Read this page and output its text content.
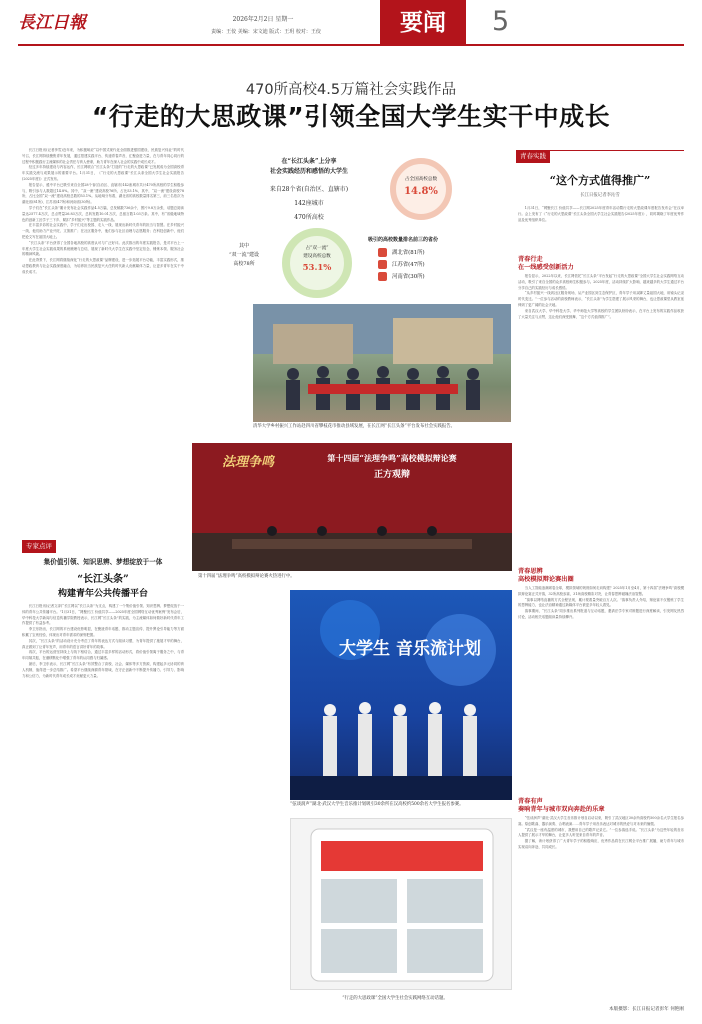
長江日報	2026年2月2日 星期一
责编：王佼 美编：宋文迪 版式：王玥 校对：王佼	要闻	5
470所高校4.5万篇社会实践作品
“行走的大思政课”引领全国大学生实干中成长

长江日报讯(记者李雪)近年来，为积极响应“以中国式现代化全面推进强国建设、民族复兴伟业”的时代号召，长江网持续聚焦青年发展，通过搭建实践平台、传递青春声音，汇聚奋进力量，在与青年同心同行的过程中积极践行主流媒体的社会责任与育人使命，助力青年在深入社会的实践中成长成才。

经过多年持续建设与内容运作，长江网联合“长江头条”打造的“行走的大思政课”已发展成为全国高校青年实践交流与成果展示的重要平台。1月31日，《“行走的大思政课”长江头条全国大学生社会实践报告(2025年度)》正式发布。

报告显示，遴中平台已吸引来自全国28个省(自治区、直辖市)142座城市共计470所高校的学生积极参与，吸引参与人数超过14.8%。其中，“双一流”建设高校76所，占比53.1%，其中，“双一流”建设高校78所，占比全国“双一流”建设高校总数的53.1%。从地域分布看，湖北省的高校数量排名第三，前三名依次为湖北省(81所)、江苏省(47所)和河南省(30所)。

学子们在“长江头条”累计发布社会实践作品4.5万篇，总发稿数736余个，图片9.8万余张，话题总阅读量达2577.4万次，总点赞量26.83万次，总转发数10.01万次，总留言数1.03万条。其中，有“省级地域特色的创新工匠学子三下乡、紧扣“乡村振兴”等主题的实践作品。

在丰富多彩的社会实践中，学子们走出校园、走入一线，展现出新时代青年的担当与智慧。在乡村振兴一线，他们助力产业兴旺、文旅推广；在社区服务中，他们参与社区治理与志愿服务；在科技创新中，他们把论文写在祖国大地上。

“长江头条”平台获得了全国各地高校的高度认可与广泛好评。此次推出的年度实践报告，是对平台上一年度大学生社会实践成果的系统梳理与总结，展现了新时代大学生在实践中坚定信念、锤炼本领、服务社会的精神风貌。

在此背景下，长江网将继续深化“行走的大思政课”品牌建设，进一步拓展平台功能，丰富实践形式，推动思政教育与社会实践深度融合，为培养担当民族复兴大任的时代新人贡献媒体力量，让更多青年在实干中成长成才。

在“长江头条”上分享
社会实践经历和感悟的大学生
来自28个省(自治区、直辖市)
142座城市
470所高校
占全国高校总数
14.8%
其中
“双一流”建设
高校78所
占“双一流”
建设高校总数
53.1%
吸引的高校数量排名前三的省份
湖北省(81所)
江苏省(47所)
河南省(30所)
清华大学乡村振兴工作站赴四川省攀枝花市推动县域发展，在长江网“长江头条”平台发布社会实践报告。
法理争鸣	第十四届“法理争鸣”高校模拟辩论赛
正方观辩
第十四届“法理争鸣”高校模拟辩论赛火热进行中。
大学生 音乐流计划
“弦谈润声”湖北·武汉大学生音乐推计划吸引30余所在汉高校约500余名大学生报名参赛。
“行走的大思政课”全国大学生社会实践网络互动话题。
专家点评
集价值引领、知识思辨、梦想绽放于一体
“长江头条”
构建青年公共传播平台

长江日报讯(记者文泽)“长江网以“长江头条”为支点，构建了一个集价值引领、知识思辨、梦想绽放于一体的青年公共传播平台。”1月31日，“网聚长江 价值共享——2025年度全国网络互动优秀案例”发布会后，华中科技大学新闻与信息传播学院教授表示，长江网“长江头条”的实践，为主流媒体如何做好新时代青年工作提供了有益参考。

李卫东指出，长江网的平台建设优势明显，在聚拢青年话题、推动主题宣传、提升舆论引导能力等方面积累了宝贵经验，体现出对青年需求的深刻把握。

其次，“长江头条”的活动设计充分考虑了青年的表达方式与阅读习惯，为青年提供了施展才华的舞台，真正做到了让青年发声，用青年的语言讲好青年的故事。

再次，平台的运营坚持线上与线下相结合，通过丰富多样的活动形式，将价值引领寓于服务之中，与青年同频共振，在潜移默化中增强了青年的认同感与归属感。

最后，李卫东表示，长江网“长江头条”有效整合了高校、社会、媒体等多方资源，构建起多元协同的育人机制，值得进一步总结推广。希望平台继续深耕青年领域，在守正创新中不断提升传播力、引导力、影响力和公信力，为新时代青年成长成才贡献更大力量。

青春实践
“这个方式值得推广”
长江日报记者李沁雪

1月31日，“网聚长江 价值共享——长江网2025年度青年活动暨行走的大思政课年度报告发布会”在汉举行。会上发布了《“行走的大思政课”长江头条全国大学生社会实践报告(2025年度)》，同时揭晓了年度优秀作品及优秀组织单位。

青春行走
在一线感受创新活力

报告显示，2022年以来，长江网依托“长江头条”平台发起“行走的大思政课”全国大学生社会实践网络互动活动，吸引了来自全国的众多高校师生积极参与。2025年度，活动持续扩大影响，越来越多的大学生通过平台分享自己的实践经历与成长感悟。

“从乡村振兴一线到社区服务现场，从产业园区到生态保护区，青年学子用双脚丈量祖国大地，用镜头记录时代变迁。”一位参与活动的高校教师表示，“长江头条”为学生搭建了展示风采的舞台，也让思政课堂从教室延伸到了更广阔的社会天地。

来自武汉大学、华中科技大学、华中师范大学等高校的学生团队纷纷表示，在平台上发布的实践作品收获了大量关注与点赞，这让他们深受鼓舞，“这个方式值得推广”。

青春思辨
高校模拟辩论赛出圈

当人工智能浪潮席卷全球，模拟领域的规则如何走向构建？2025年1月至4月，第十四届“法理争鸣”高校模拟辩论赛正式开赛，32所高校参赛，31场高校精彩对决，让青春思辨碰撞法治智慧。

“赛事以网络直播的方式全程呈现，累计观看量突破百万人次。”赛事负责人介绍，辩论赛不仅锻炼了学生的思辨能力，也让法治精神通过新媒体平台被更多年轻人看见。

赛事期间，“长江头条”同步推出系列报道与互动话题，邀请法学专家对辩题进行深度解读，引发网友热烈讨论，活动相关话题阅读量持续攀升。

青春有声
奏响青年与城市双向奔赴的乐章

“弦谈润声”湖北·武汉大学生音乐推计划自启动以来，吸引了武汉地区30余所高校约500余名大学生报名参赛。原创歌曲、器乐演奏、合唱表演……青年学子用音乐表达对城市的热爱与对未来的憧憬。

“武汉是一座有温度的城市，我想用自己的歌声记录它。”一位参赛选手说。“长江头条”为这些年轻的音乐人提供了展示才华的舞台，让更多人听见来自青年的声音。

据了解，该计划获得了广大青年学子的积极响应，优秀作品将在长江网全平台推广展播，助力青年与城市实现双向奔赴、共同成长。

本版摄影：长江日报记者彭年 何艳刚
